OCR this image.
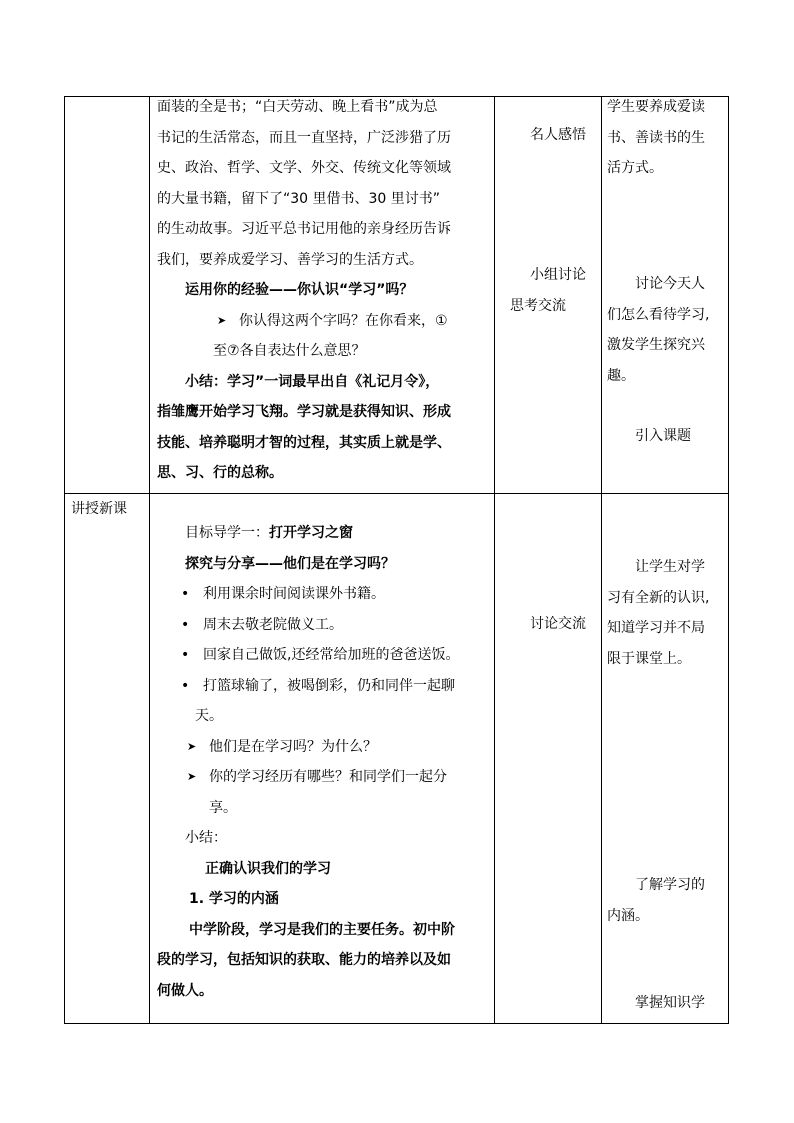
面装的全是书；“白天劳动、晚上看书”成为总
书记的生活常态，而且一直坚持，广泛涉猎了历
史、政治、哲学、文学、外交、传统文化等领域
的大量书籍，留下了“30 里借书、30 里讨书”
的生动故事。习近平总书记用他的亲身经历告诉
我们，要养成爱学习、善学习的生活方式。
运用你的经验——你认识“学习”吗？
➤ 你认得这两个字吗？在你看来，①
至⑦各自表达什么意思？
小结：学习”一词最早出自《礼记月令》，
指雏鹰开始学习飞翔。学习就是获得知识、形成
技能、培养聪明才智的过程，其实质上就是学、
思、习、行的总称。
名人感悟
小组讨论
思考交流
学生要养成爱读
书、善读书的生
活方式。
讨论今天人
们怎么看待学习,
激发学生探究兴
趣。
引入课题
讲授新课
目标导学一：打开学习之窗
探究与分享——他们是在学习吗？
• 利用课余时间阅读课外书籍。
• 周末去敬老院做义工。
• 回家自己做饭,还经常给加班的爸爸送饭。
• 打篮球输了，被喝倒彩，仍和同伴一起聊
天。
➤ 他们是在学习吗？为什么？
➤ 你的学习经历有哪些？和同学们一起分
享。
小结：
正确认识我们的学习
1. 学习的内涵
中学阶段，学习是我们的主要任务。初中阶
段的学习，包括知识的获取、能力的培养以及如
何做人。
讨论交流
让学生对学
习有全新的认识,
知道学习并不局
限于课堂上。
了解学习的
内涵。
掌握知识学
